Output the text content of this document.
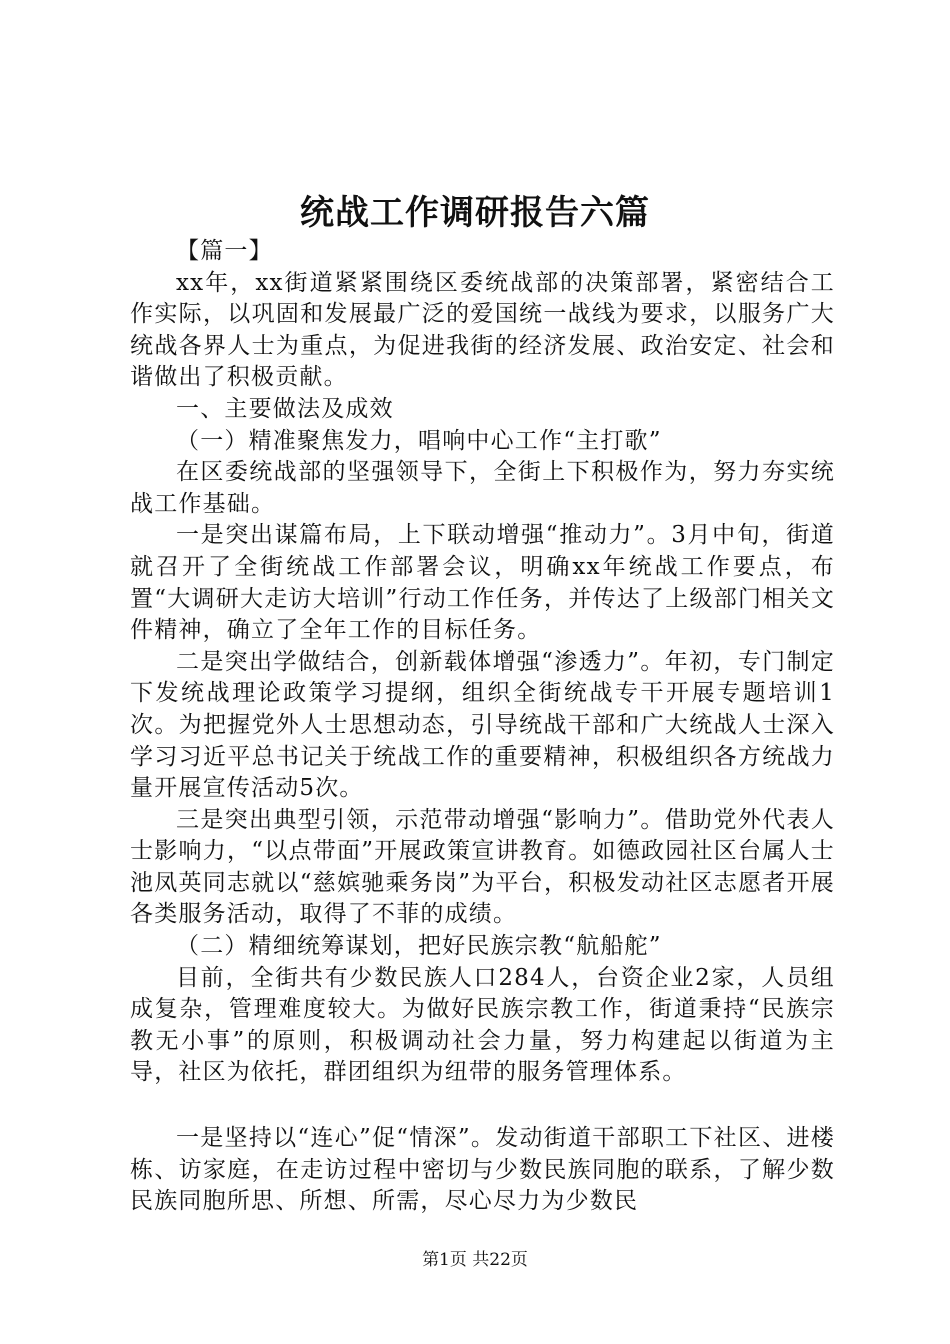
统战工作调研报告六篇

【篇一】

xx年，xx街道紧紧围绕区委统战部的决策部署，紧密结合工作实际，以巩固和发展最广泛的爱国统一战线为要求，以服务广大统战各界人士为重点，为促进我街的经济发展、政治安定、社会和谐做出了积极贡献。

一、主要做法及成效

（一）精准聚焦发力，唱响中心工作“主打歌”

在区委统战部的坚强领导下，全街上下积极作为，努力夯实统战工作基础。

一是突出谋篇布局，上下联动增强“推动力”。3月中旬，街道就召开了全街统战工作部署会议，明确xx年统战工作要点，布置“大调研大走访大培训”行动工作任务，并传达了上级部门相关文件精神，确立了全年工作的目标任务。

二是突出学做结合，创新载体增强“渗透力”。年初，专门制定下发统战理论政策学习提纲，组织全街统战专干开展专题培训1次。为把握党外人士思想动态，引导统战干部和广大统战人士深入学习习近平总书记关于统战工作的重要精神，积极组织各方统战力量开展宣传活动5次。

三是突出典型引领，示范带动增强“影响力”。借助党外代表人士影响力，“以点带面”开展政策宣讲教育。如德政园社区台属人士池凤英同志就以“慈嫔驰乘务岗”为平台，积极发动社区志愿者开展各类服务活动，取得了不菲的成绩。

（二）精细统筹谋划，把好民族宗教“航船舵”

目前，全街共有少数民族人口284人，台资企业2家，人员组成复杂，管理难度较大。为做好民族宗教工作，街道秉持“民族宗教无小事”的原则，积极调动社会力量，努力构建起以街道为主导，社区为依托，群团组织为纽带的服务管理体系。

一是坚持以“连心”促“情深”。发动街道干部职工下社区、进楼栋、访家庭，在走访过程中密切与少数民族同胞的联系，了解少数民族同胞所思、所想、所需，尽心尽力为少数民

第1页 共22页
